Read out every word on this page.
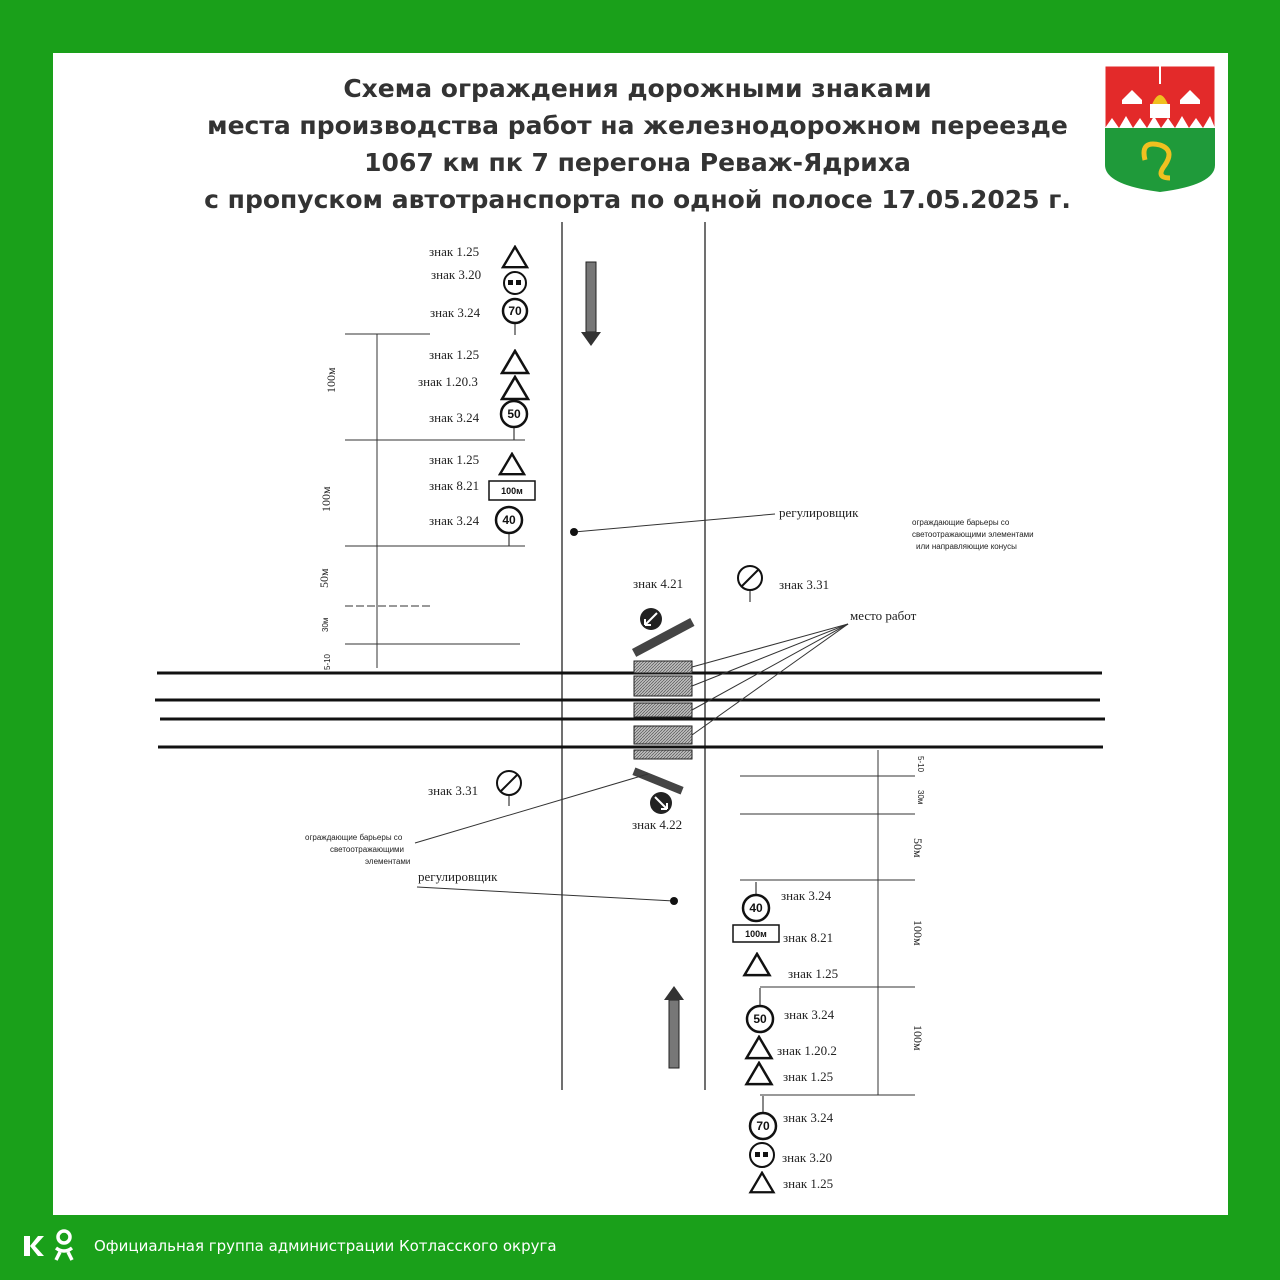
Схема ограждения дорожными знаками
места производства работ на железнодорожном переезде
1067 км пк 7 перегона Реваж-Ядриха
с пропуском автотранспорта по одной полосе 17.05.2025 г.
70
50
40
100м
знак 1.25
знак 3.20
знак 3.24
знак 1.25
знак 1.20.3
знак 3.24
знак 1.25
знак 8.21
знак 3.24
100м
100м
50м
30м
5-10
регулировщик
регулировщик
знак 4.21
знак 4.22
знак 3.31
знак 3.31
место работ
ограждающие барьеры со
светоотражающими элементами
или направляющие конусы
ограждающие барьеры со
светоотражающими
элементами
5-10
30м
50м
100м
100м
40
50
70
100м
знак 3.24
знак 8.21
знак 1.25
знак 3.24
знак 1.20.2
знак 1.25
знак 3.24
знак 3.20
знак 1.25
Официальная группа администрации Котласского округа
